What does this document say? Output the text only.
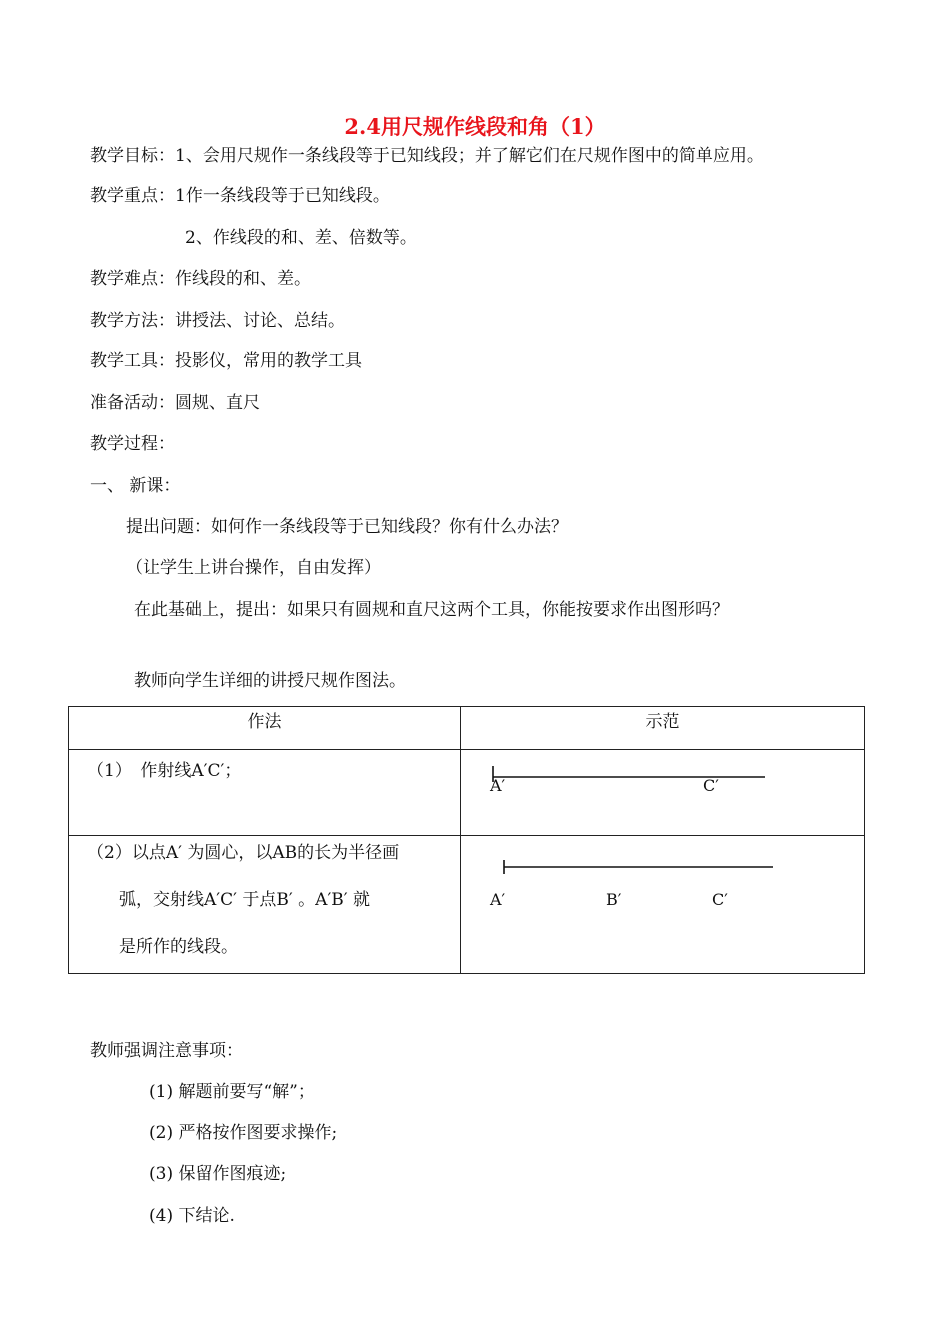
2.4用尺规作线段和角（1）
教学目标：1、会用尺规作一条线段等于已知线段；并了解它们在尺规作图中的简单应用。
教学重点：1作一条线段等于已知线段。
2、作线段的和、差、倍数等。
教学难点：作线段的和、差。
教学方法：讲授法、讨论、总结。
教学工具：投影仪，常用的教学工具
准备活动：圆规、直尺
教学过程：
一、 新课：
提出问题：如何作一条线段等于已知线段？你有什么办法？
（让学生上讲台操作，自由发挥）
在此基础上，提出：如果只有圆规和直尺这两个工具，你能按要求作出图形吗？
教师向学生详细的讲授尺规作图法。
作法	示范

（1）　作射线A′C′；	A′ C′

（2）以点A′ 为圆心，以AB的长为半径画
弧，交射线A′C′ 于点B′ 。A′B′ 就
是所作的线段。	A′ B′ C′
教师强调注意事项：
(1) 解题前要写“解”；
(2) 严格按作图要求操作;
(3) 保留作图痕迹;
(4) 下结论.
